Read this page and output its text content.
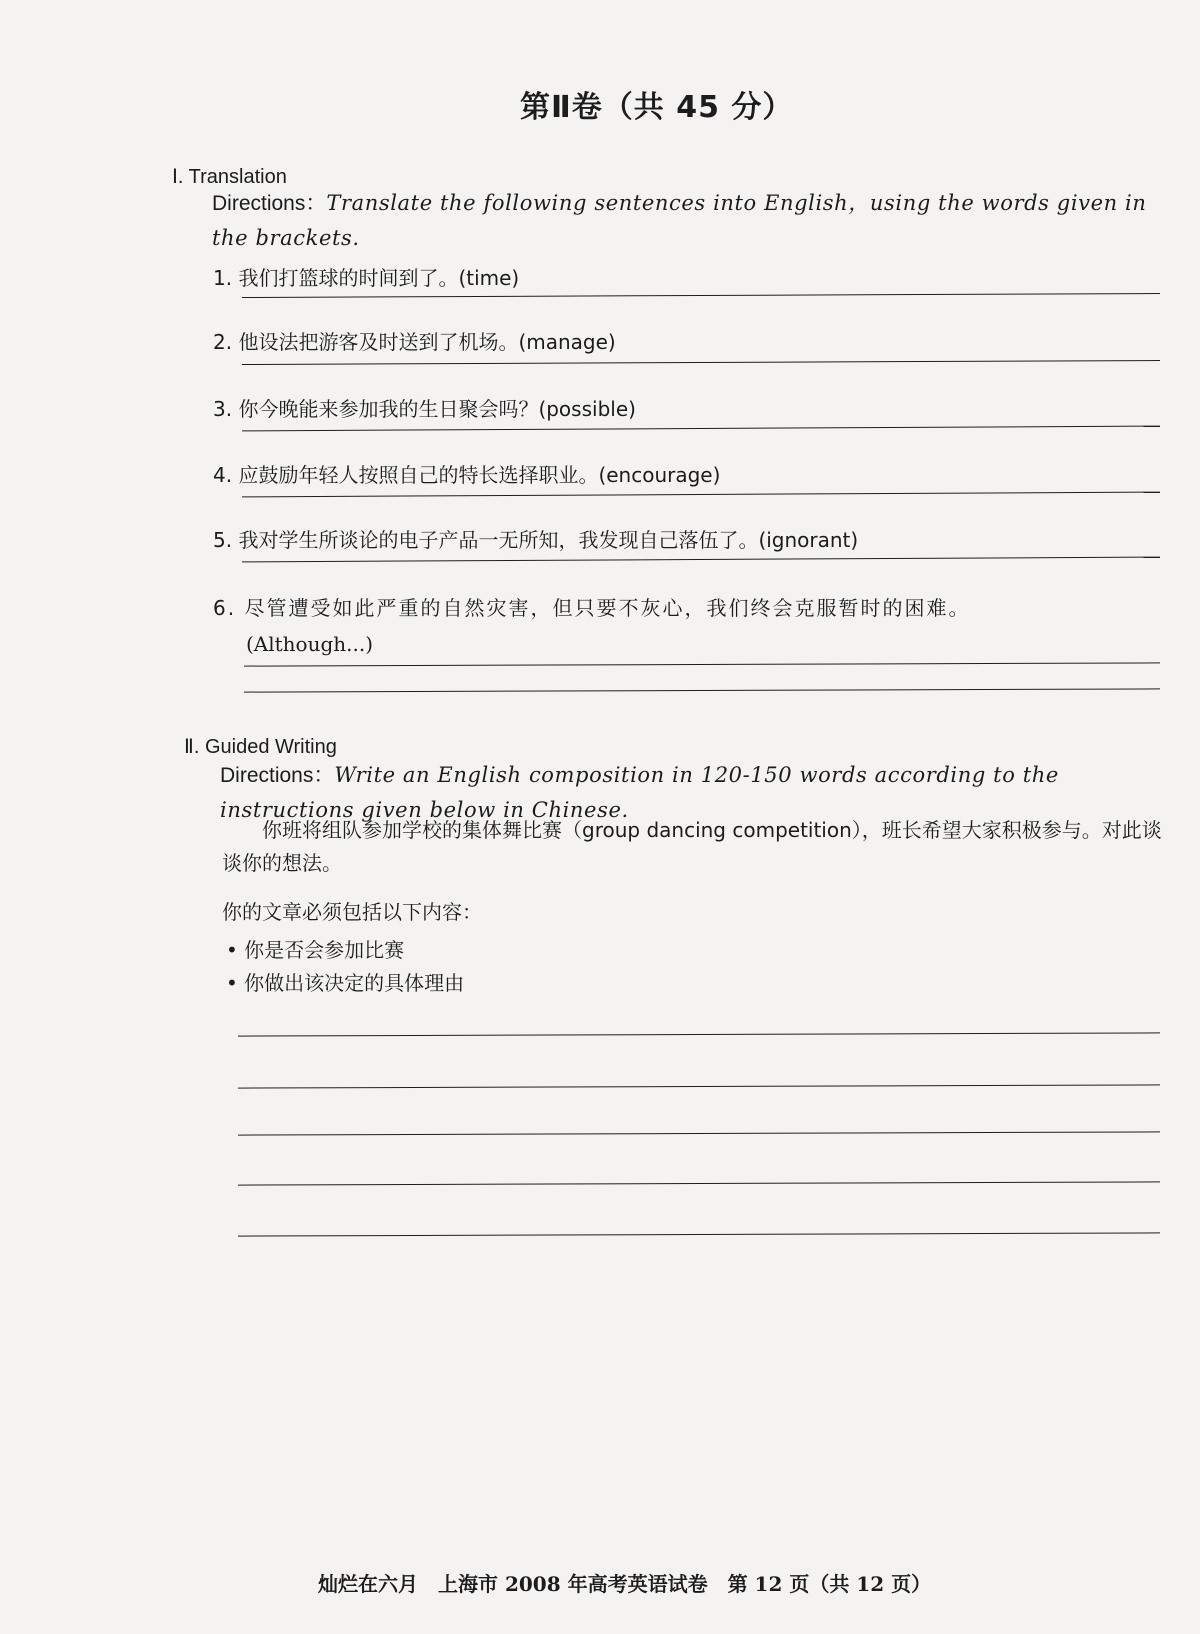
第Ⅱ卷（共 45 分）
Ⅰ. Translation
Directions：Translate the following sentences into English，using the words given in the brackets.
1. 我们打篮球的时间到了。(time)
2. 他设法把游客及时送到了机场。(manage)
3. 你今晚能来参加我的生日聚会吗？(possible)
4. 应鼓励年轻人按照自己的特长选择职业。(encourage)
5. 我对学生所谈论的电子产品一无所知，我发现自己落伍了。(ignorant)
6. 尽管遭受如此严重的自然灾害，但只要不灰心，我们终会克服暂时的困难。
(Although...)
Ⅱ. Guided Writing
Directions：Write an English composition in 120-150 words according to the instructions given below in Chinese.
你班将组队参加学校的集体舞比赛（group dancing competition），班长希望大家积极参与。对此谈谈你的想法。
你的文章必须包括以下内容：
• 你是否会参加比赛
• 你做出该决定的具体理由
灿烂在六月　上海市 2008 年高考英语试卷　第 12 页（共 12 页）
